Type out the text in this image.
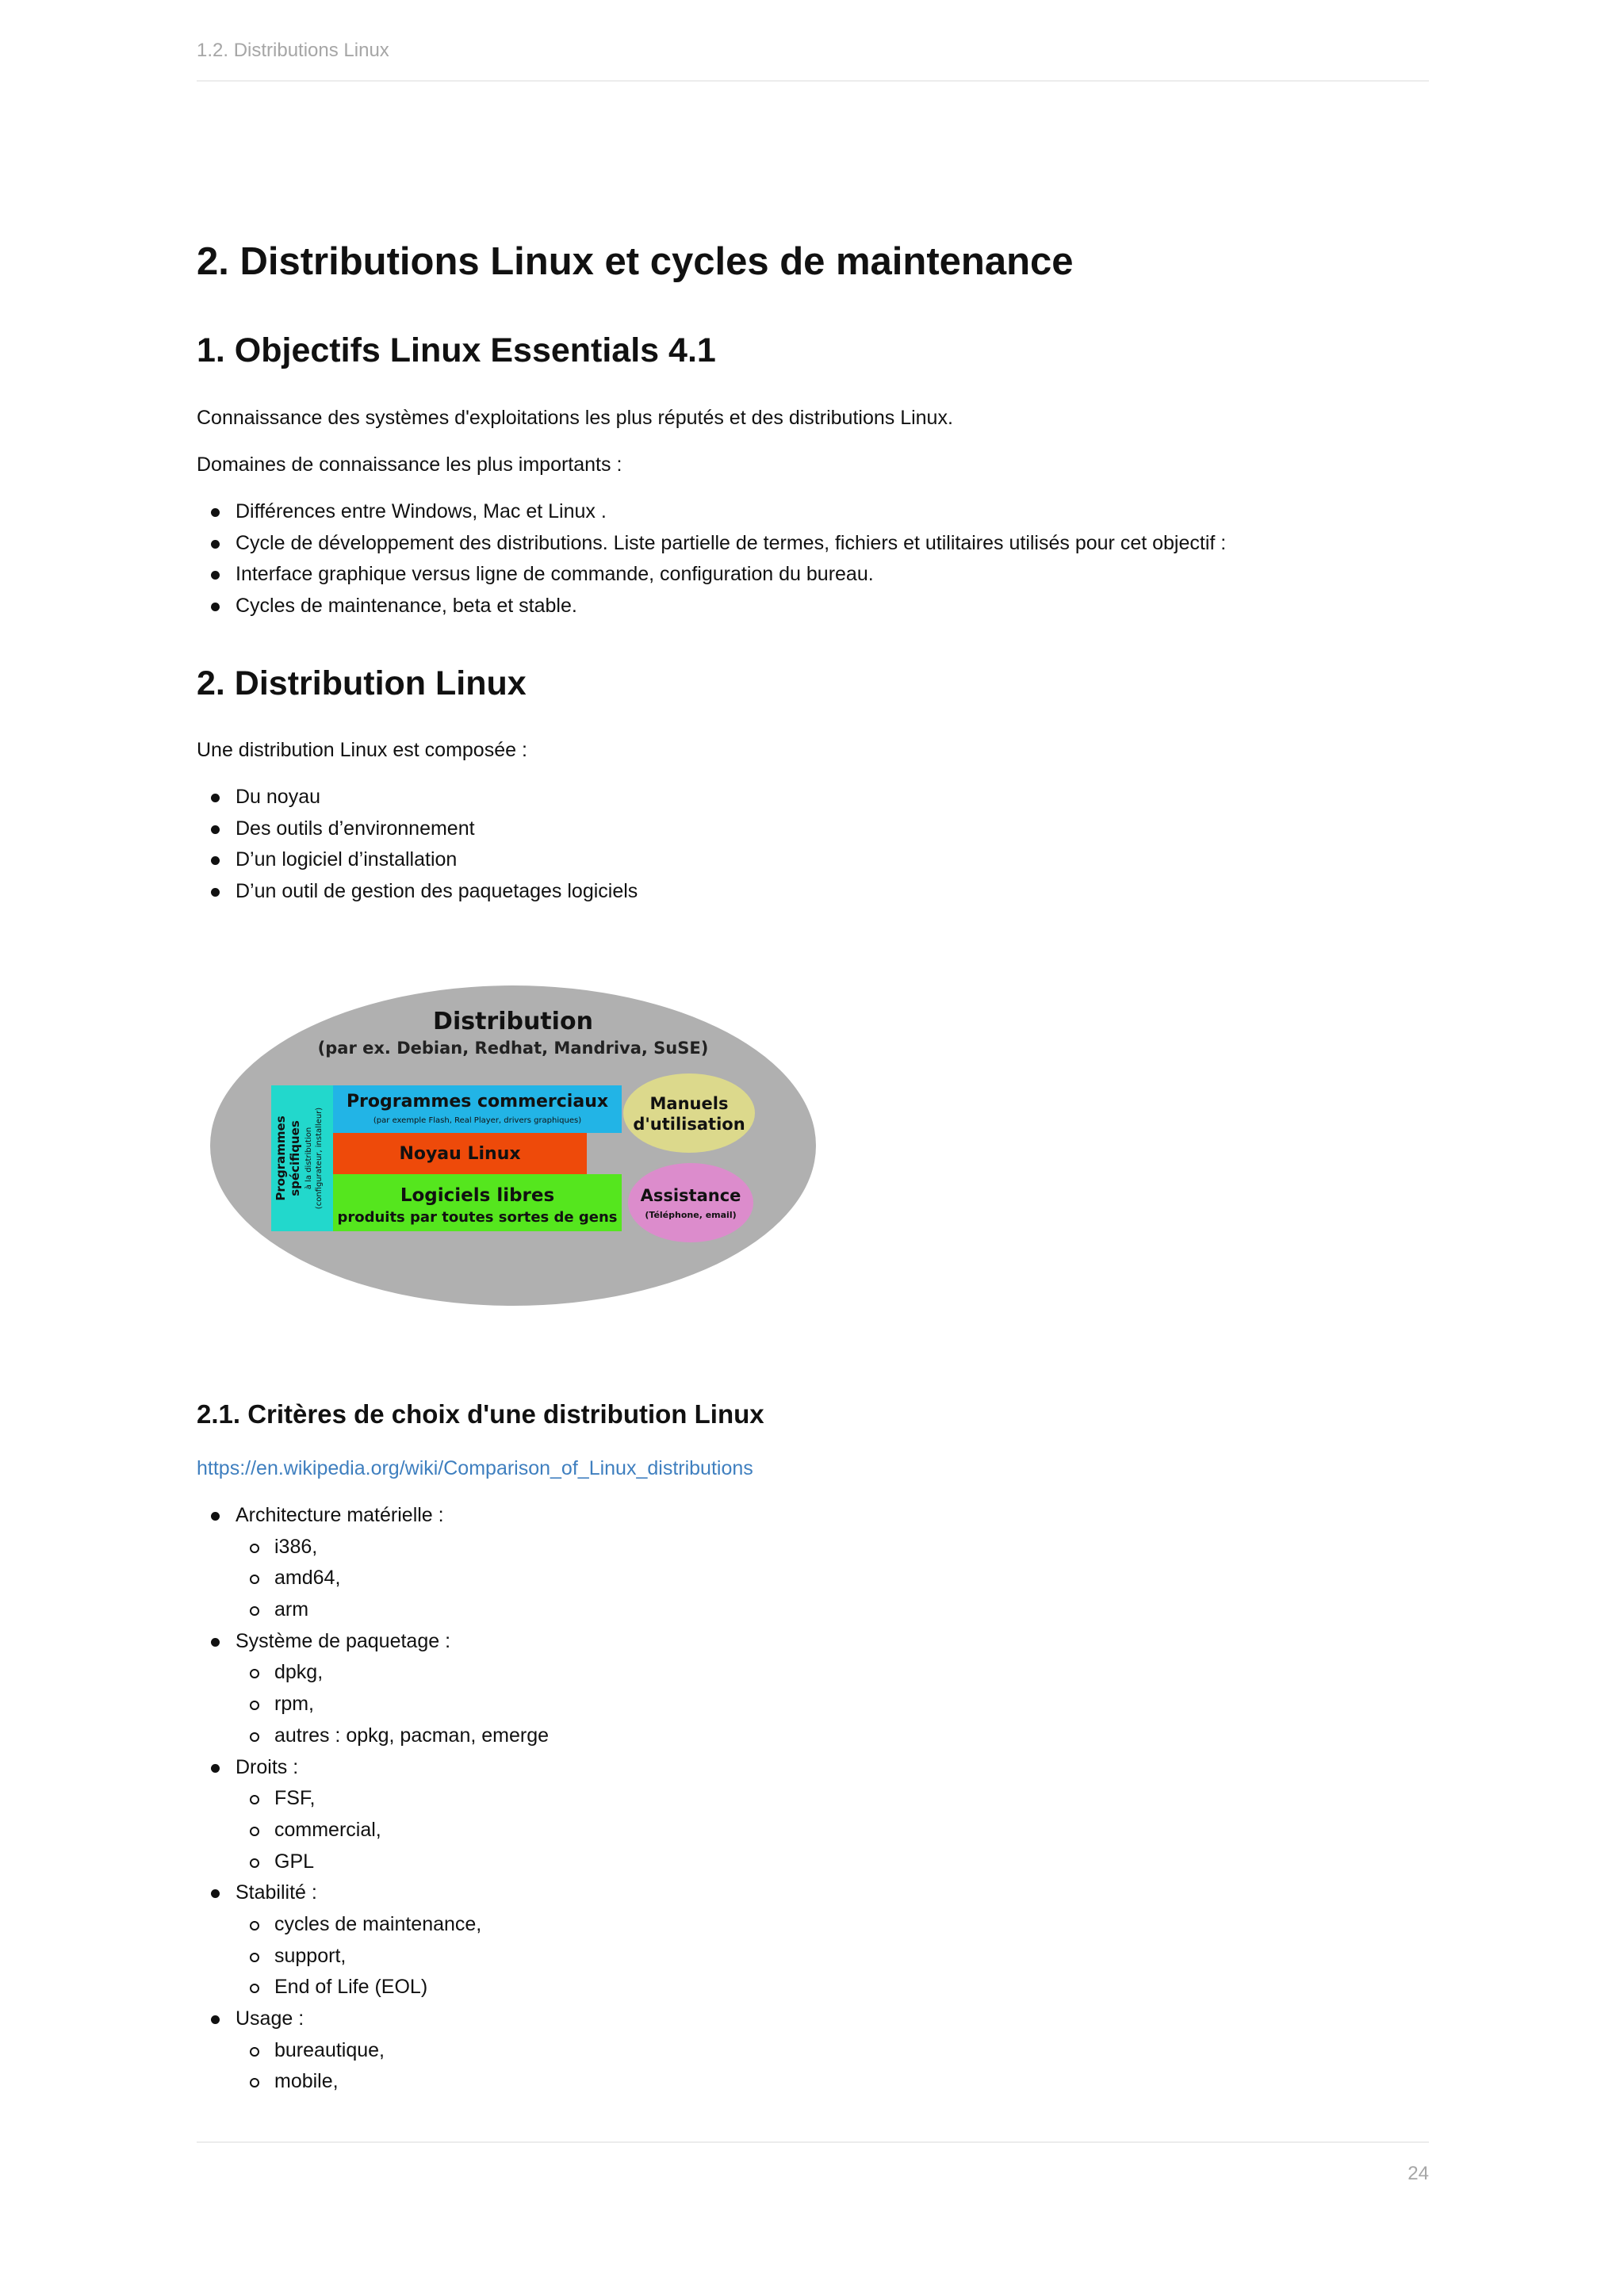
1.2. Distributions Linux
2. Distributions Linux et cycles de maintenance
1. Objectifs Linux Essentials 4.1

Connaissance des systèmes d'exploitations les plus réputés et des distributions Linux.

Domaines de connaissance les plus importants :

Différences entre Windows, Mac et Linux .
Cycle de développement des distributions. Liste partielle de termes, fichiers et utilitaires utilisés pour cet objectif :
Interface graphique versus ligne de commande, configuration du bureau.
Cycles de maintenance, beta et stable.
2. Distribution Linux

Une distribution Linux est composée :

Du noyau
Des outils d’environnement
D’un logiciel d’installation
D’un outil de gestion des paquetages logiciels
Distribution
(par ex. Debian, Redhat, Mandriva, SuSE)
Programmes spécifiques à la distribution (configurateur, installeur)
Programmes commerciaux
(par exemple Flash, Real Player, drivers graphiques)
Noyau Linux
Logiciels libres
produits par toutes sortes de gens
Manuels
d'utilisation
Assistance
(Téléphone, email)
2.1. Critères de choix d'une distribution Linux
https://en.wikipedia.org/wiki/Comparison_of_Linux_distributions
Architecture matérielle :
i386,
amd64,
arm
Système de paquetage :
dpkg,
rpm,
autres : opkg, pacman, emerge
Droits :
FSF,
commercial,
GPL
Stabilité :
cycles de maintenance,
support,
End of Life (EOL)
Usage :
bureautique,
mobile,
24
